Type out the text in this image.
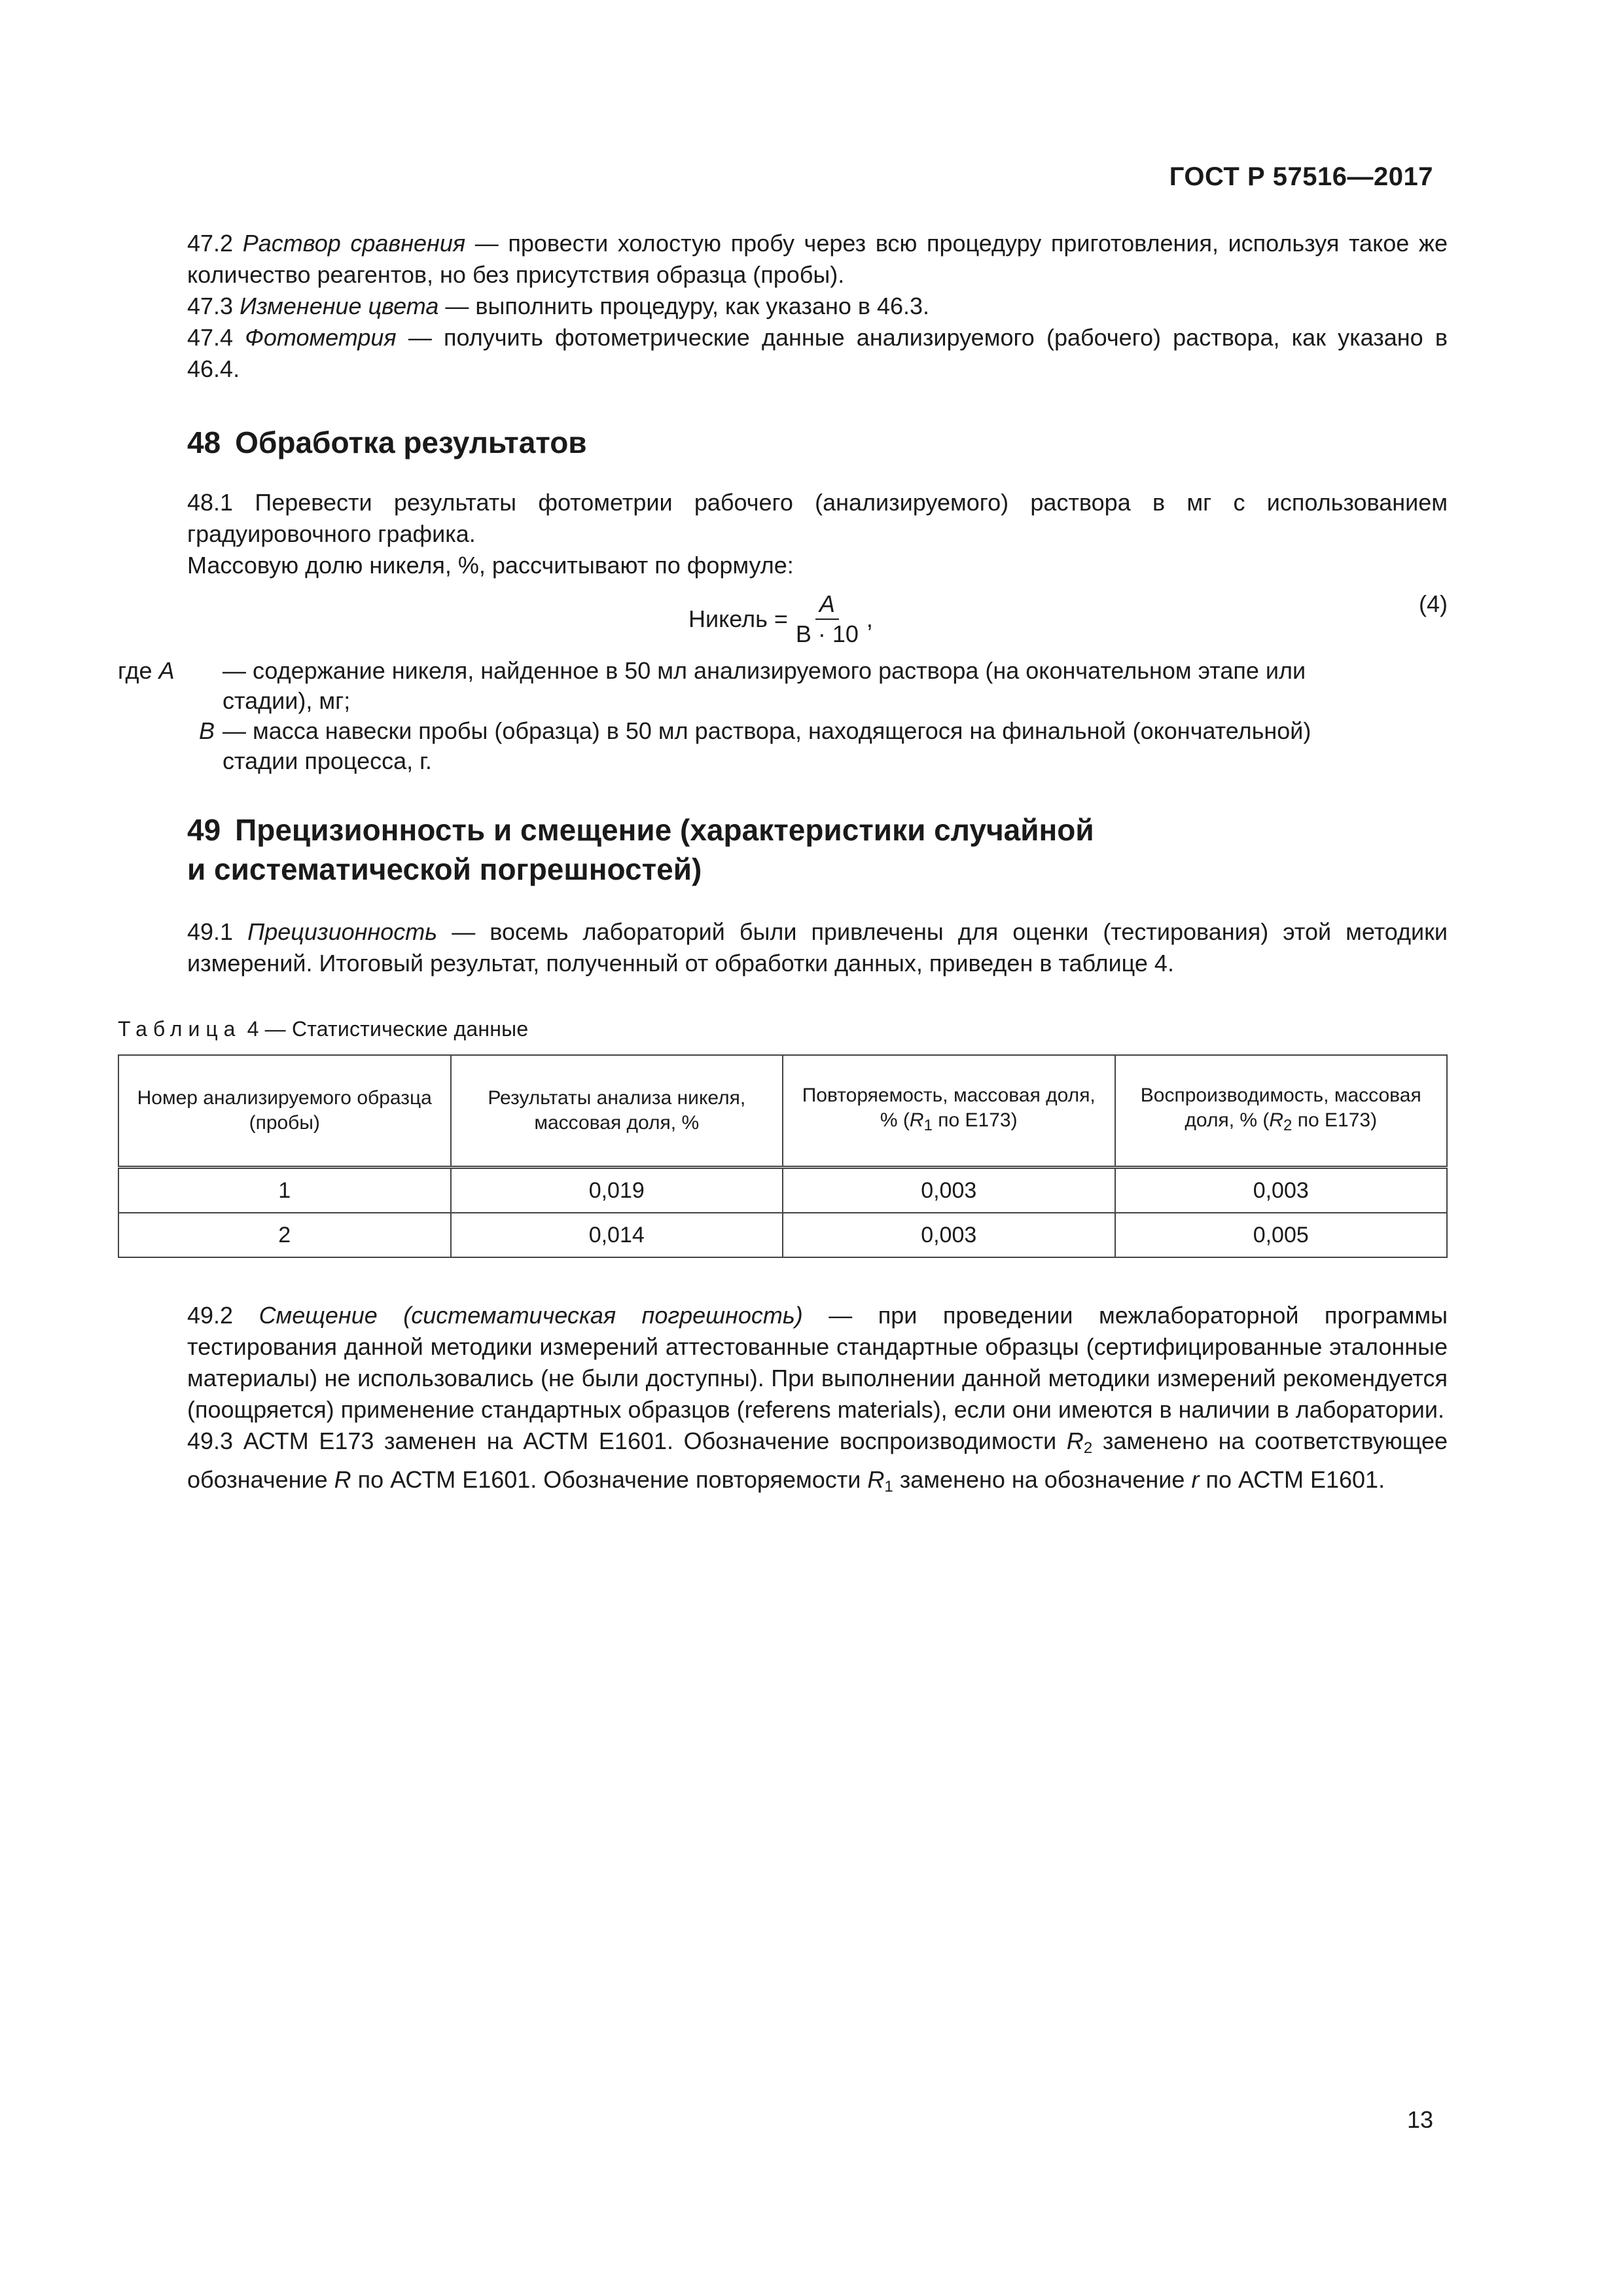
ГОСТ Р 57516—2017
47.2 Раствор сравнения — провести холостую пробу через всю процедуру приготовления, используя такое же количество реагентов, но без присутствия образца (пробы).
47.3 Изменение цвета — выполнить процедуру, как указано в 46.3.
47.4 Фотометрия — получить фотометрические данные анализируемого (рабочего) раствора, как указано в 46.4.
48 Обработка результатов
48.1 Перевести результаты фотометрии рабочего (анализируемого) раствора в мг с использованием градуировочного графика.
Массовую долю никеля, %, рассчитывают по формуле:
Никель = $\frac{A}{B \cdot 10}$ ,
(4)
где A	— содержание никеля, найденное в 50 мл анализируемого раствора (на окончательном этапе или
стадии), мг;
B — масса навески пробы (образца) в 50 мл раствора, находящегося на финальной (окончательной)
стадии процесса, г.
49 Прецизионность и смещение (характеристики случайной
и систематической погрешностей)
49.1 Прецизионность — восемь лабораторий были привлечены для оценки (тестирования) этой методики измерений. Итоговый результат, полученный от обработки данных, приведен в таблице 4.
Таблица 4 — Статистические данные
Номер анализируемого образца (пробы)	Результаты анализа никеля, массовая доля, %	Повторяемость, массовая доля, % ($R_1$ по E173)	Воспроизводимость, массовая доля, % ($R_2$ по E173)
1	0,019	0,003	0,003
2	0,014	0,003	0,005
49.2 Смещение (систематическая погрешность) — при проведении межлабораторной программы тестирования данной методики измерений аттестованные стандартные образцы (сертифицированные эталонные материалы) не использовались (не были доступны). При выполнении данной методики измерений рекомендуется (поощряется) применение стандартных образцов (referens materials), если они имеются в наличии в лаборатории.
49.3 АСТМ Е173 заменен на АСТМ Е1601. Обозначение воспроизводимости $R_2$ заменено на соответствующее обозначение R по АСТМ Е1601. Обозначение повторяемости $R_1$ заменено на обозначение r по АСТМ Е1601.
13
